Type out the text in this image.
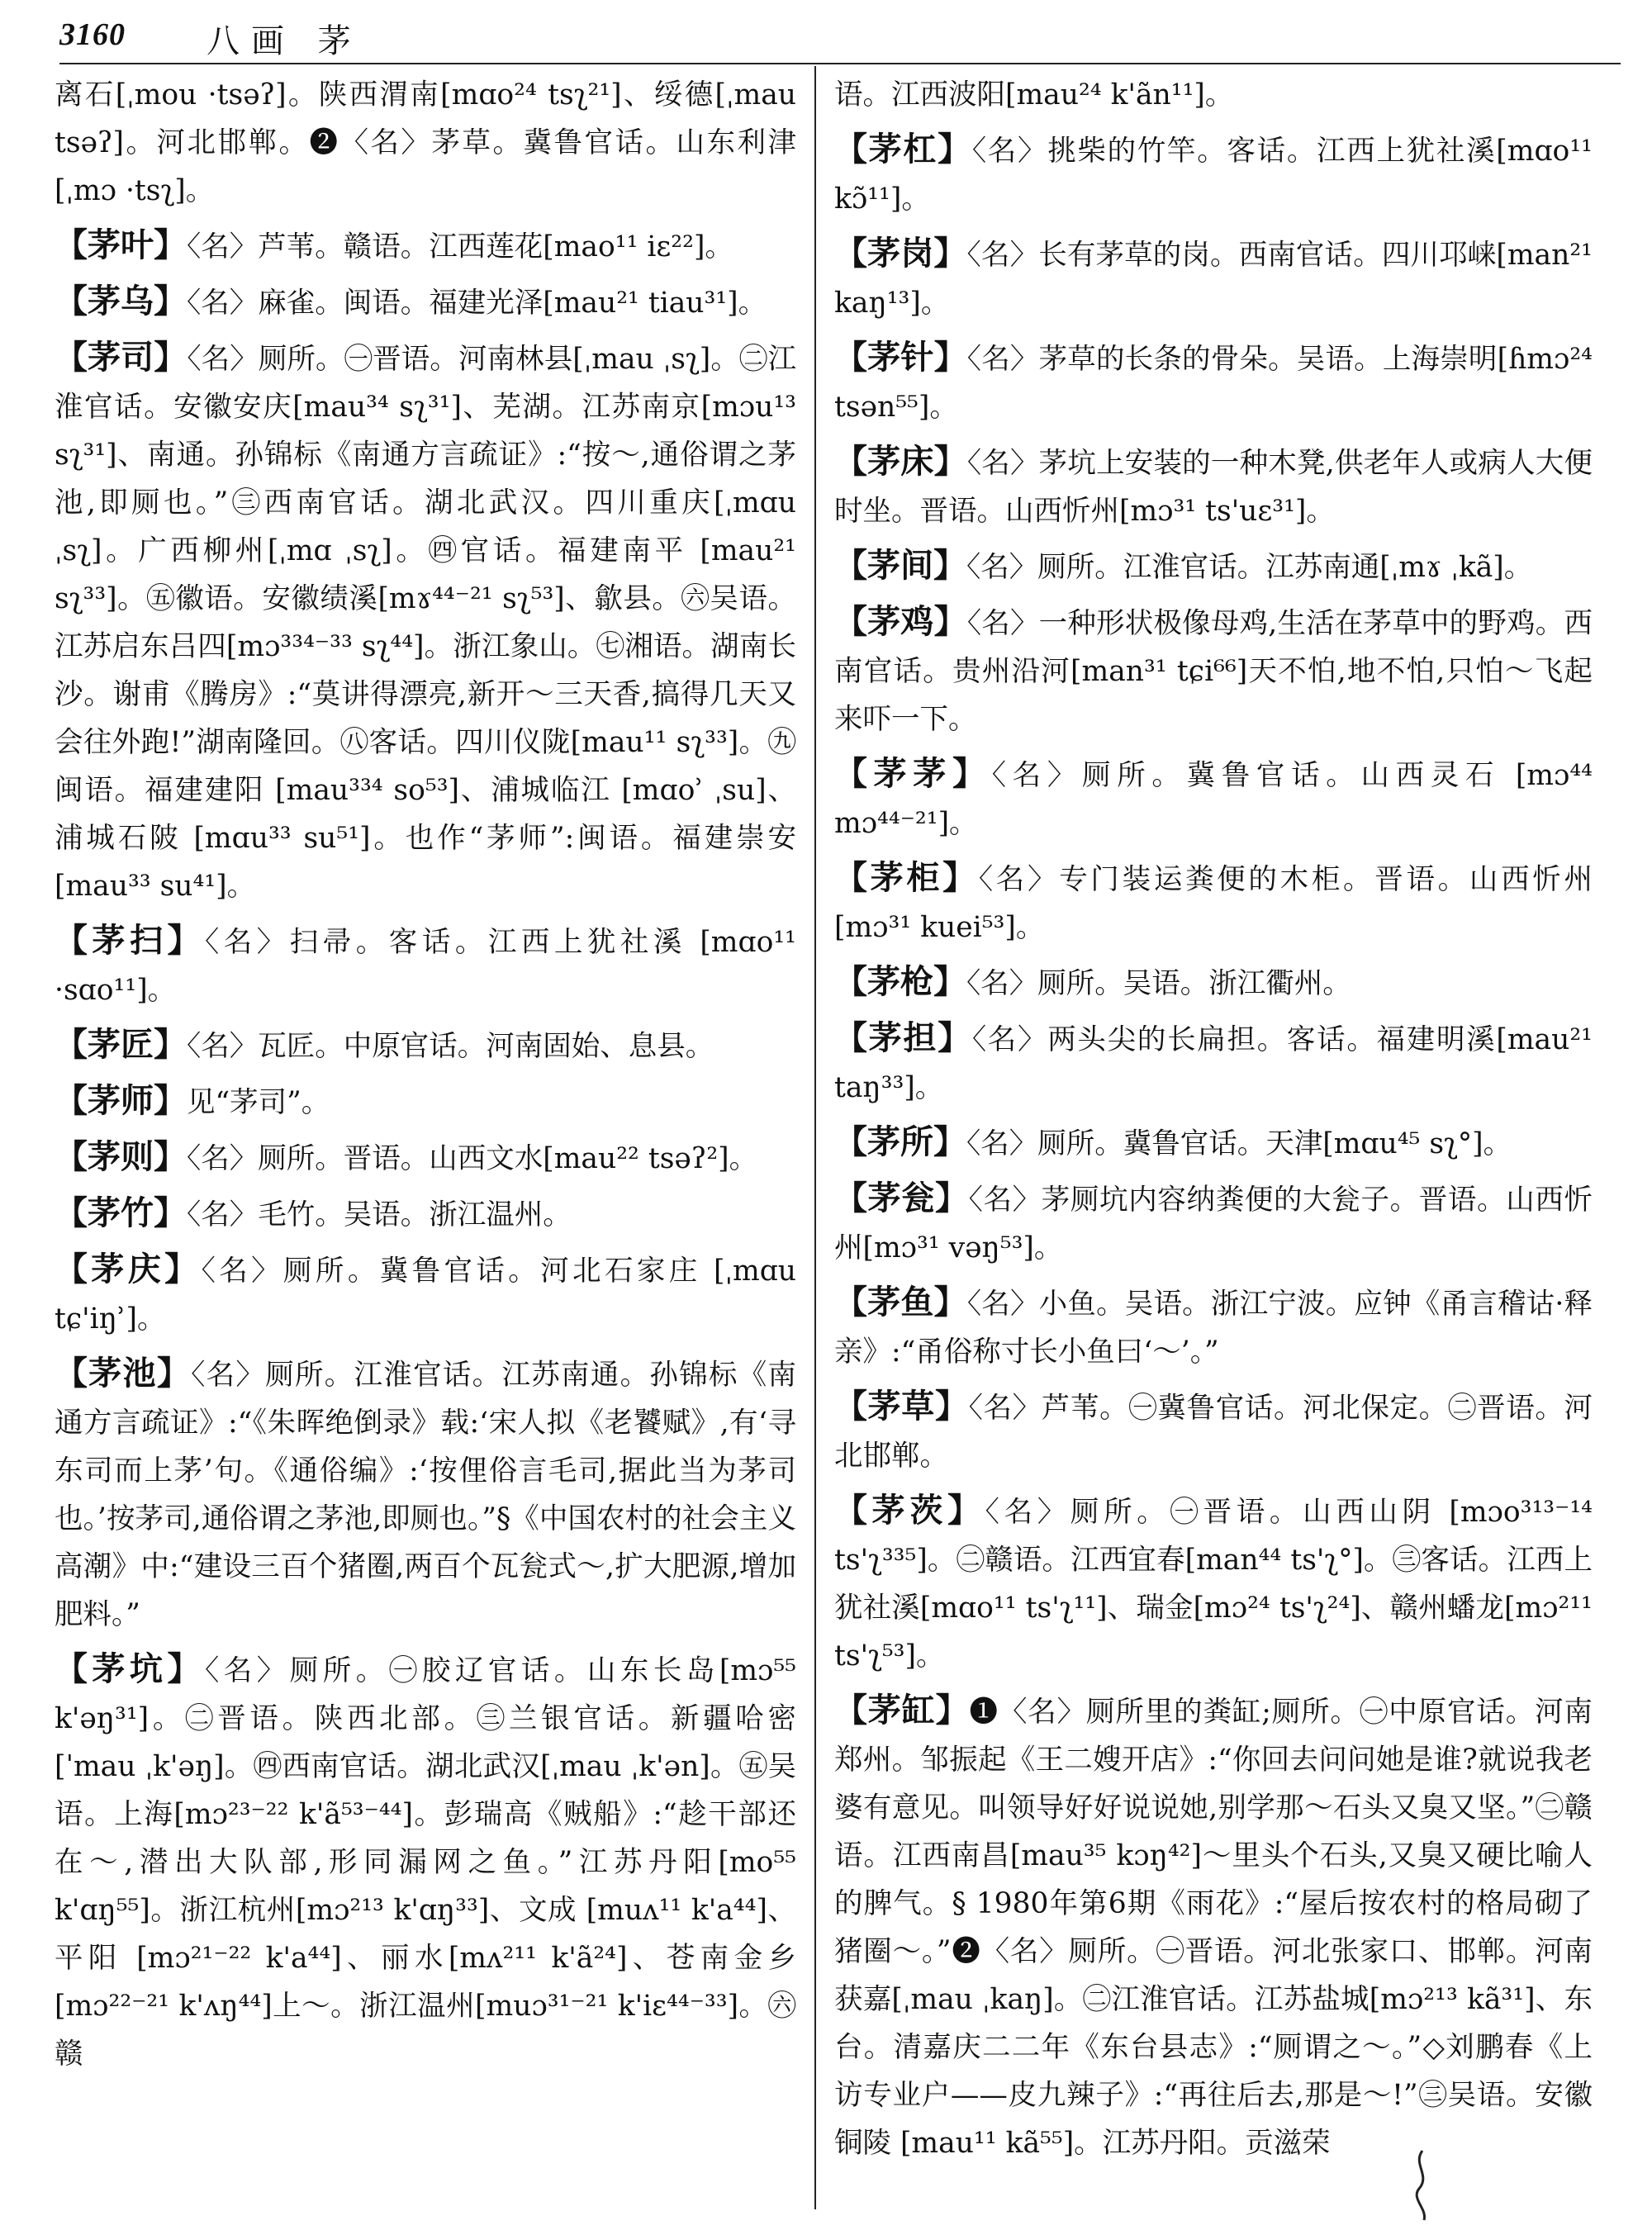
3160 八画 茅

离石[ˌmou ·tsəʔ]。陕西渭南[mɑo²⁴ tsʅ²¹]、绥德[ˌmau tsəʔ]。河北邯郸。❷〈名〉茅草。冀鲁官话。山东利津[ˌmɔ ·tsʅ]。

【茅叶】〈名〉芦苇。赣语。江西莲花[mao¹¹ iɛ²²]。

【茅乌】〈名〉麻雀。闽语。福建光泽[mau²¹ tiau³¹]。

【茅司】〈名〉厕所。㊀晋语。河南林县[ˌmau ˌsʅ]。㊁江淮官话。安徽安庆[mau³⁴ sʅ³¹]、芜湖。江苏南京[mɔu¹³ sʅ³¹]、南通。孙锦标《南通方言疏证》:“按～,通俗谓之茅池,即厕也。”㊂西南官话。湖北武汉。四川重庆[ˌmɑu ˌsʅ]。广西柳州[ˌmɑ ˌsʅ]。㊃官话。福建南平 [mau²¹ sʅ³³]。㊄徽语。安徽绩溪[mɤ⁴⁴⁻²¹ sʅ⁵³]、歙县。㊅吴语。江苏启东吕四[mɔ³³⁴⁻³³ sʅ⁴⁴]。浙江象山。㊆湘语。湖南长沙。谢甫《腾房》:“莫讲得漂亮,新开～三天香,搞得几天又会往外跑!”湖南隆回。㊇客话。四川仪陇[mau¹¹ sʅ³³]。㊈闽语。福建建阳 [mau³³⁴ so⁵³]、浦城临江 [mɑoʾ ˌsu]、浦城石陂 [mɑu³³ su⁵¹]。也作“茅师”:闽语。福建崇安[mau³³ su⁴¹]。

【茅扫】〈名〉扫帚。客话。江西上犹社溪 [mɑo¹¹ ·sɑo¹¹]。

【茅匠】〈名〉瓦匠。中原官话。河南固始、息县。

【茅师】见“茅司”。

【茅则】〈名〉厕所。晋语。山西文水[mau²² tsəʔ²]。

【茅竹】〈名〉毛竹。吴语。浙江温州。

【茅庆】〈名〉厕所。冀鲁官话。河北石家庄 [ˌmɑu tɕ'iŋʾ]。

【茅池】〈名〉厕所。江淮官话。江苏南通。孙锦标《南通方言疏证》:“《朱晖绝倒录》载:‘宋人拟《老饕赋》,有‘寻东司而上茅’句。《通俗编》:‘按俚俗言毛司,据此当为茅司也。’按茅司,通俗谓之茅池,即厕也。”§《中国农村的社会主义高潮》中:“建设三百个猪圈,两百个瓦瓮式～,扩大肥源,增加肥料。”

【茅坑】〈名〉厕所。㊀胶辽官话。山东长岛[mɔ⁵⁵ k'əŋ³¹]。㊁晋语。陕西北部。㊂兰银官话。新疆哈密[ˈmau ˌk'əŋ]。㊃西南官话。湖北武汉[ˌmau ˌk'ən]。㊄吴语。上海[mɔ²³⁻²² k'ã⁵³⁻⁴⁴]。彭瑞高《贼船》:“趁干部还在～,潜出大队部,形同漏网之鱼。”江苏丹阳[mo⁵⁵ k'ɑŋ⁵⁵]。浙江杭州[mɔ²¹³ k'ɑŋ³³]、文成 [muʌ¹¹ k'a⁴⁴]、平阳 [mɔ²¹⁻²² k'a⁴⁴]、丽水[mʌ²¹¹ k'ã²⁴]、苍南金乡 [mɔ²²⁻²¹ k'ʌŋ⁴⁴]上～。浙江温州[muɔ³¹⁻²¹ k'iɛ⁴⁴⁻³³]。㊅赣

语。江西波阳[mau²⁴ k'ãn¹¹]。

【茅杠】〈名〉挑柴的竹竿。客话。江西上犹社溪[mɑo¹¹ kɔ̃¹¹]。

【茅岗】〈名〉长有茅草的岗。西南官话。四川邛崃[man²¹ kaŋ¹³]。

【茅针】〈名〉茅草的长条的骨朵。吴语。上海崇明[ɦmɔ²⁴ tsən⁵⁵]。

【茅床】〈名〉茅坑上安装的一种木凳,供老年人或病人大便时坐。晋语。山西忻州[mɔ³¹ ts'uɛ³¹]。

【茅间】〈名〉厕所。江淮官话。江苏南通[ˌmɤ ˌkã]。

【茅鸡】〈名〉一种形状极像母鸡,生活在茅草中的野鸡。西南官话。贵州沿河[man³¹ tɕi⁶⁶]天不怕,地不怕,只怕～飞起来吓一下。

【茅茅】〈名〉厕所。冀鲁官话。山西灵石 [mɔ⁴⁴ mɔ⁴⁴⁻²¹]。

【茅柜】〈名〉专门装运粪便的木柜。晋语。山西忻州[mɔ³¹ kuei⁵³]。

【茅枪】〈名〉厕所。吴语。浙江衢州。

【茅担】〈名〉两头尖的长扁担。客话。福建明溪[mau²¹ taŋ³³]。

【茅所】〈名〉厕所。冀鲁官话。天津[mɑu⁴⁵ sʅ°]。

【茅瓮】〈名〉茅厕坑内容纳粪便的大瓮子。晋语。山西忻州[mɔ³¹ vəŋ⁵³]。

【茅鱼】〈名〉小鱼。吴语。浙江宁波。应钟《甬言稽诂·释亲》:“甬俗称寸长小鱼曰‘～’。”

【茅草】〈名〉芦苇。㊀冀鲁官话。河北保定。㊁晋语。河北邯郸。

【茅茨】〈名〉厕所。㊀晋语。山西山阴 [mɔo³¹³⁻¹⁴ ts'ʅ³³⁵]。㊁赣语。江西宜春[man⁴⁴ ts'ʅ°]。㊂客话。江西上犹社溪[mɑo¹¹ ts'ʅ¹¹]、瑞金[mɔ²⁴ ts'ʅ²⁴]、赣州蟠龙[mɔ²¹¹ ts'ʅ⁵³]。

【茅缸】❶〈名〉厕所里的粪缸;厕所。㊀中原官话。河南郑州。邹振起《王二嫂开店》:“你回去问问她是谁?就说我老婆有意见。叫领导好好说说她,别学那～石头又臭又坚。”㊁赣语。江西南昌[mau³⁵ kɔŋ⁴²]～里头个石头,又臭又硬比喻人的脾气。§ 1980年第6期《雨花》:“屋后按农村的格局砌了猪圈～。”❷〈名〉厕所。㊀晋语。河北张家口、邯郸。河南获嘉[ˌmau ˌkaŋ]。㊁江淮官话。江苏盐城[mɔ²¹³ kã³¹]、东台。清嘉庆二二年《东台县志》:“厕谓之～。”◇刘鹏春《上访专业户——皮九辣子》:“再往后去,那是～!”㊂吴语。安徽铜陵 [mau¹¹ kã⁵⁵]。江苏丹阳。贡滋荣
